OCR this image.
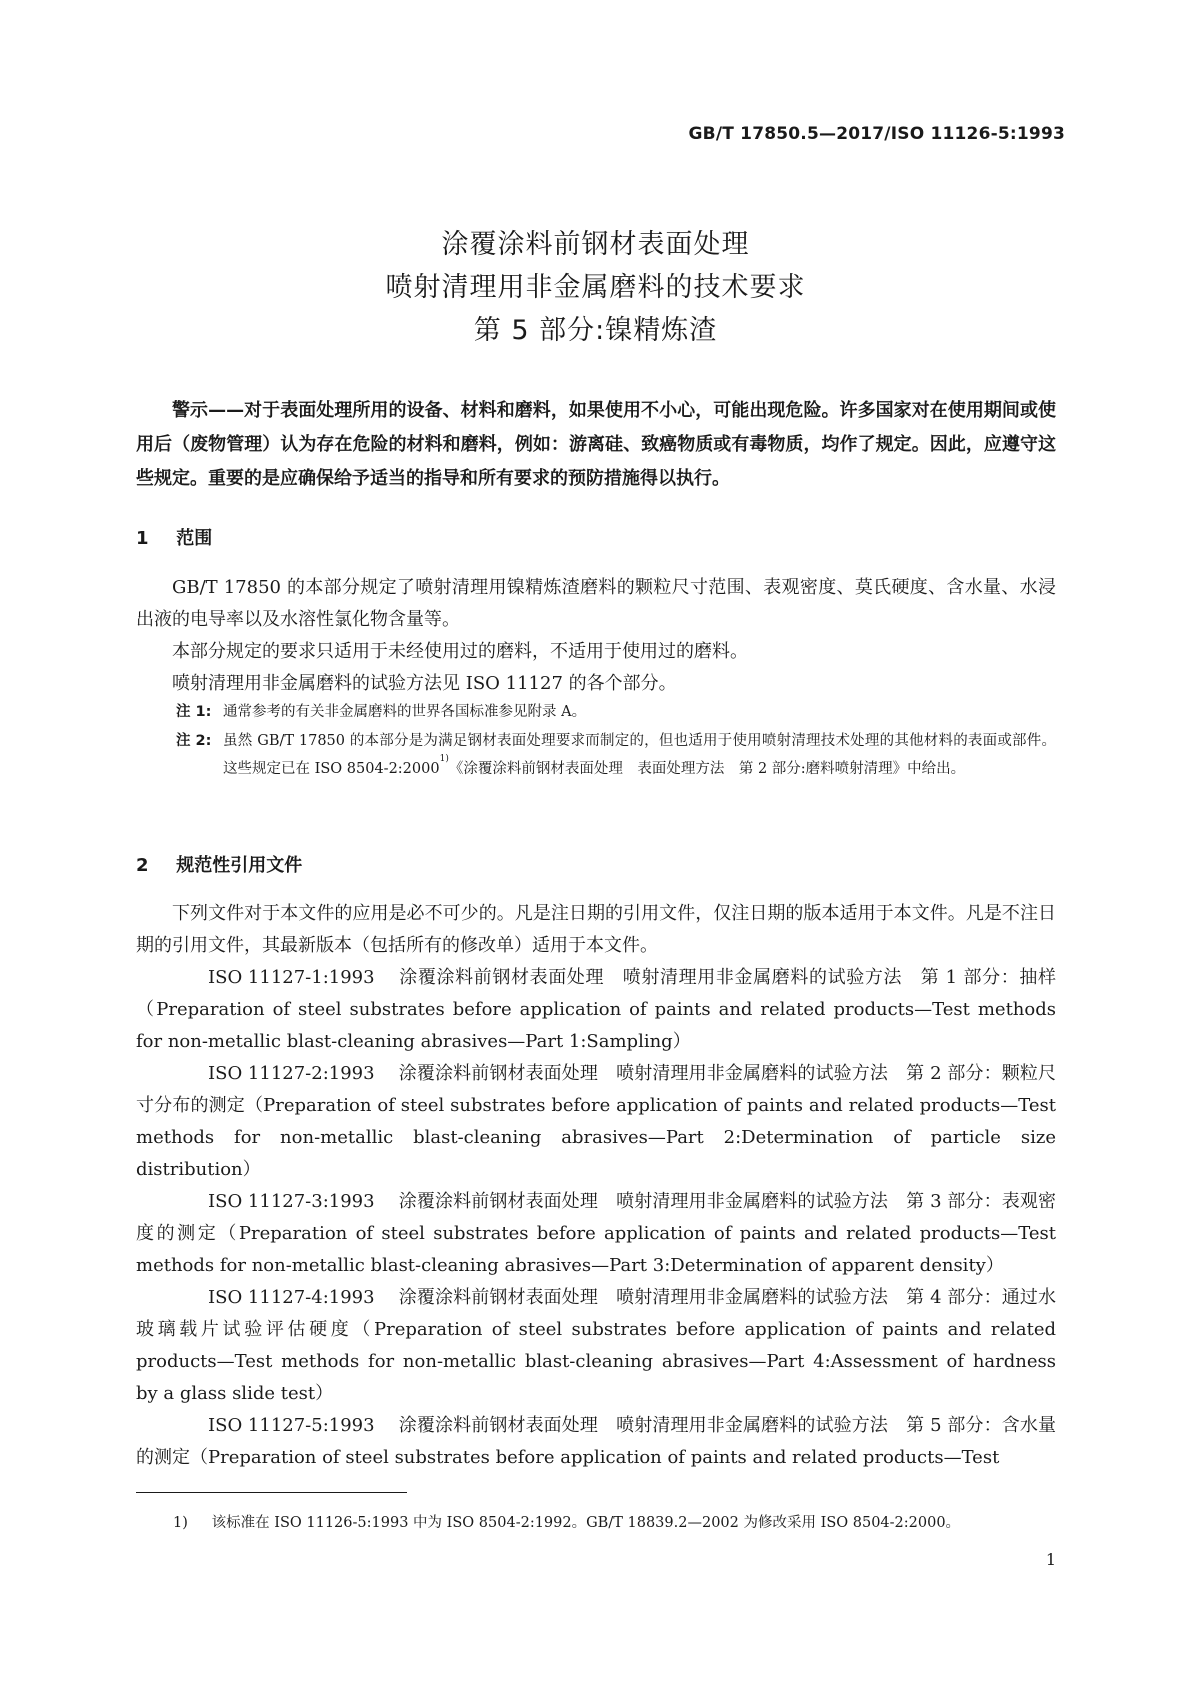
GB/T 17850.5—2017/ISO 11126-5:1993
涂覆涂料前钢材表面处理
喷射清理用非金属磨料的技术要求
第 5 部分:镍精炼渣
警示——对于表面处理所用的设备、材料和磨料，如果使用不小心，可能出现危险。许多国家对在使用期间或使用后（废物管理）认为存在危险的材料和磨料，例如：游离硅、致癌物质或有毒物质，均作了规定。因此，应遵守这些规定。重要的是应确保给予适当的指导和所有要求的预防措施得以执行。
1 范围

GB/T 17850 的本部分规定了喷射清理用镍精炼渣磨料的颗粒尺寸范围、表观密度、莫氏硬度、含水量、水浸出液的电导率以及水溶性氯化物含量等。

本部分规定的要求只适用于未经使用过的磨料，不适用于使用过的磨料。

喷射清理用非金属磨料的试验方法见 ISO 11127 的各个部分。

注 1: 通常参考的有关非金属磨料的世界各国标准参见附录 A。
注 2: 虽然 GB/T 17850 的本部分是为满足钢材表面处理要求而制定的，但也适用于使用喷射清理技术处理的其他材料的表面或部件。这些规定已在 ISO 8504-2:2000$^{1)}$《涂覆涂料前钢材表面处理　表面处理方法　第 2 部分:磨料喷射清理》中给出。
2 规范性引用文件

下列文件对于本文件的应用是必不可少的。凡是注日期的引用文件，仅注日期的版本适用于本文件。凡是不注日期的引用文件，其最新版本（包括所有的修改单）适用于本文件。

ISO 11127-1:1993 涂覆涂料前钢材表面处理　喷射清理用非金属磨料的试验方法　第 1 部分：抽样（Preparation of steel substrates before application of paints and related products—Test methods for non-metallic blast-cleaning abrasives—Part 1:Sampling）

ISO 11127-2:1993 涂覆涂料前钢材表面处理　喷射清理用非金属磨料的试验方法　第 2 部分：颗粒尺寸分布的测定（Preparation of steel substrates before application of paints and related products—Test methods for non-metallic blast-cleaning abrasives—Part 2:Determination of particle size distribution）

ISO 11127-3:1993 涂覆涂料前钢材表面处理　喷射清理用非金属磨料的试验方法　第 3 部分：表观密度的测定（Preparation of steel substrates before application of paints and related products—Test methods for non-metallic blast-cleaning abrasives—Part 3:Determination of apparent density）

ISO 11127-4:1993 涂覆涂料前钢材表面处理　喷射清理用非金属磨料的试验方法　第 4 部分：通过水玻璃载片试验评估硬度（Preparation of steel substrates before application of paints and related products—Test methods for non-metallic blast-cleaning abrasives—Part 4:Assessment of hardness by a glass slide test）

ISO 11127-5:1993 涂覆涂料前钢材表面处理　喷射清理用非金属磨料的试验方法　第 5 部分：含水量的测定（Preparation of steel substrates before application of paints and related products—Test

1) 该标准在 ISO 11126-5:1993 中为 ISO 8504-2:1992。GB/T 18839.2—2002 为修改采用 ISO 8504-2:2000。
1
